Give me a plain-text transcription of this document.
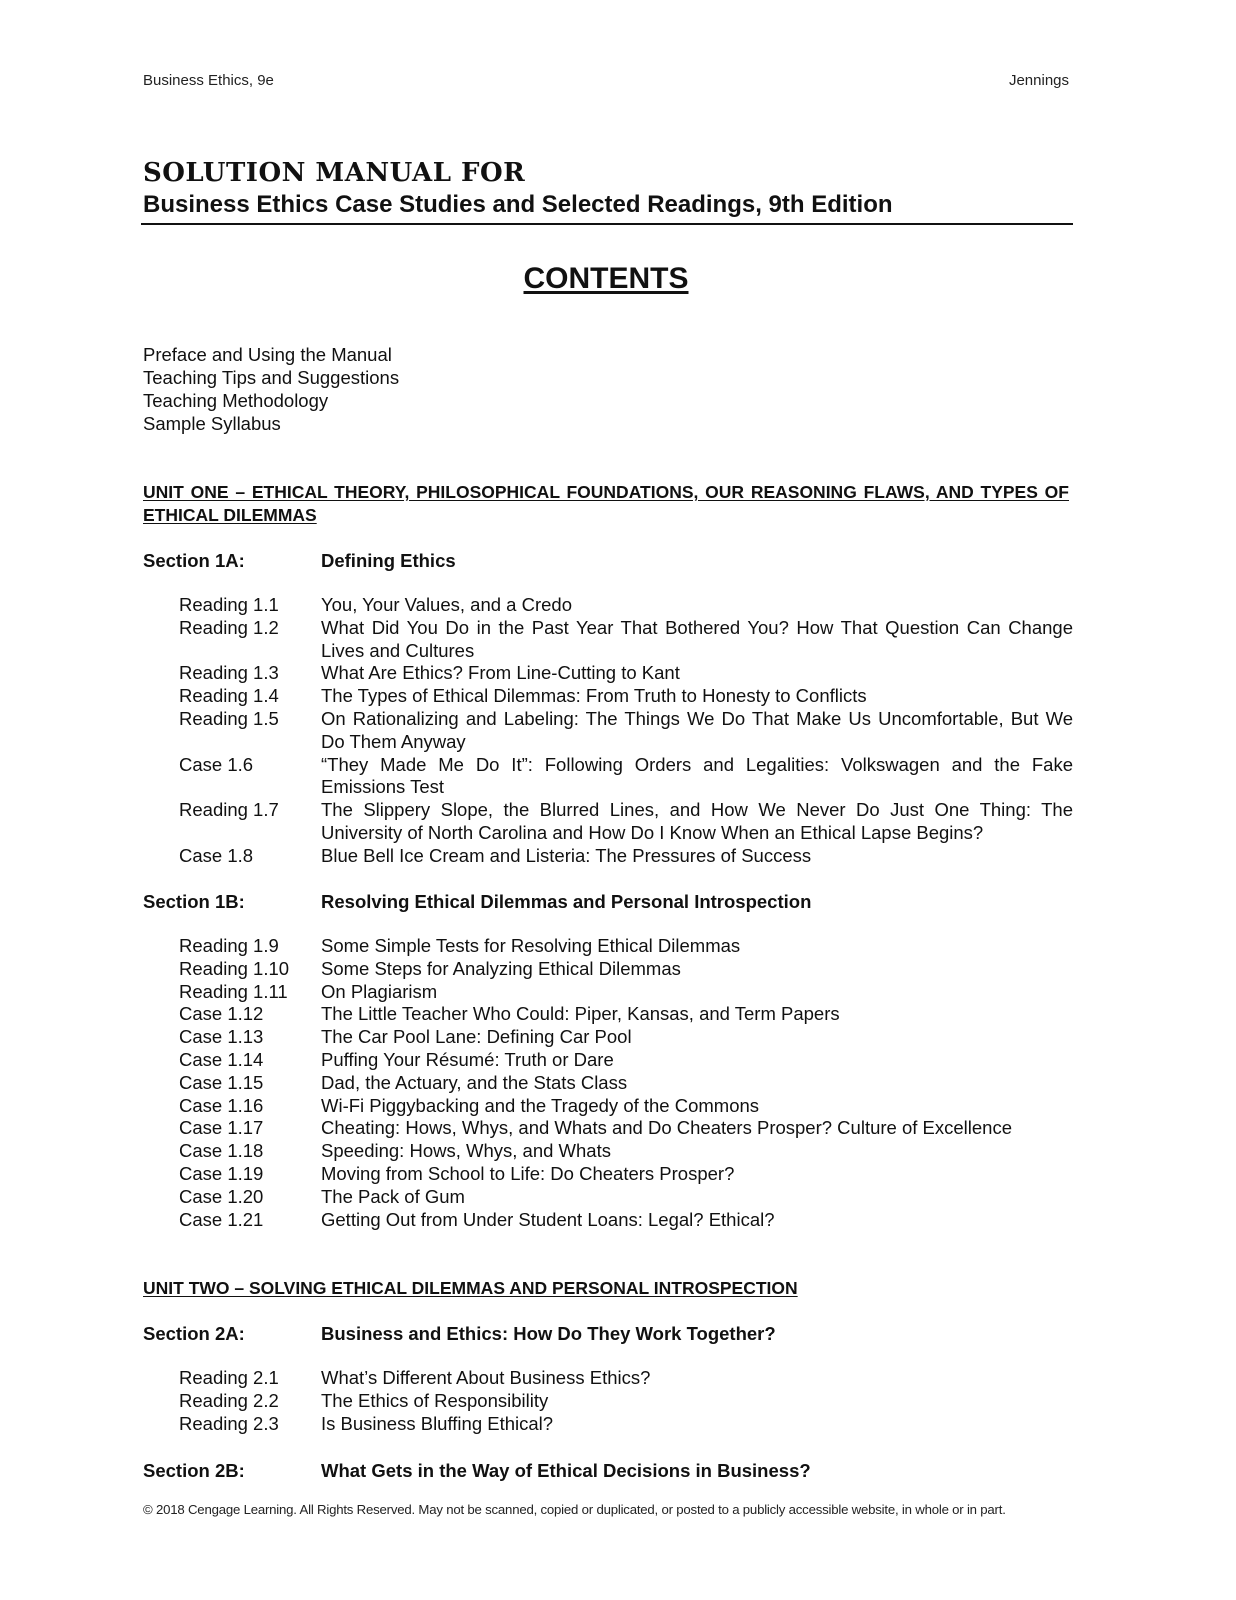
Business Ethics, 9e	Jennings
SOLUTION MANUAL FOR
Business Ethics Case Studies and Selected Readings, 9th Edition
CONTENTS
Preface and Using the Manual
Teaching Tips and Suggestions
Teaching Methodology
Sample Syllabus
UNIT ONE – ETHICAL THEORY, PHILOSOPHICAL FOUNDATIONS, OUR REASONING FLAWS, AND TYPES OF ETHICAL DILEMMAS
Section 1A:	Defining Ethics
Reading 1.1 You, Your Values, and a Credo
Reading 1.2 What Did You Do in the Past Year That Bothered You? How That Question Can Change Lives and Cultures
Reading 1.3 What Are Ethics? From Line-Cutting to Kant
Reading 1.4 The Types of Ethical Dilemmas: From Truth to Honesty to Conflicts
Reading 1.5 On Rationalizing and Labeling: The Things We Do That Make Us Uncomfortable, But We Do Them Anyway
Case 1.6	“They Made Me Do It”: Following Orders and Legalities: Volkswagen and the Fake Emissions Test
Reading 1.7 The Slippery Slope, the Blurred Lines, and How We Never Do Just One Thing: The University of North Carolina and How Do I Know When an Ethical Lapse Begins?
Case 1.8	Blue Bell Ice Cream and Listeria: The Pressures of Success
Section 1B:	Resolving Ethical Dilemmas and Personal Introspection
Reading 1.9 Some Simple Tests for Resolving Ethical Dilemmas
Reading 1.10 Some Steps for Analyzing Ethical Dilemmas
Reading 1.11 On Plagiarism
Case 1.12	The Little Teacher Who Could: Piper, Kansas, and Term Papers
Case 1.13	The Car Pool Lane: Defining Car Pool
Case 1.14	Puffing Your Résumé: Truth or Dare
Case 1.15	Dad, the Actuary, and the Stats Class
Case 1.16	Wi-Fi Piggybacking and the Tragedy of the Commons
Case 1.17	Cheating: Hows, Whys, and Whats and Do Cheaters Prosper? Culture of Excellence
Case 1.18	Speeding: Hows, Whys, and Whats
Case 1.19	Moving from School to Life: Do Cheaters Prosper?
Case 1.20	The Pack of Gum
Case 1.21	Getting Out from Under Student Loans: Legal? Ethical?
UNIT TWO – SOLVING ETHICAL DILEMMAS AND PERSONAL INTROSPECTION
Section 2A:	Business and Ethics: How Do They Work Together?
Reading 2.1 What’s Different About Business Ethics?
Reading 2.2 The Ethics of Responsibility
Reading 2.3 Is Business Bluffing Ethical?
Section 2B:	What Gets in the Way of Ethical Decisions in Business?
© 2018 Cengage Learning. All Rights Reserved. May not be scanned, copied or duplicated, or posted to a publicly accessible website, in whole or in part.
